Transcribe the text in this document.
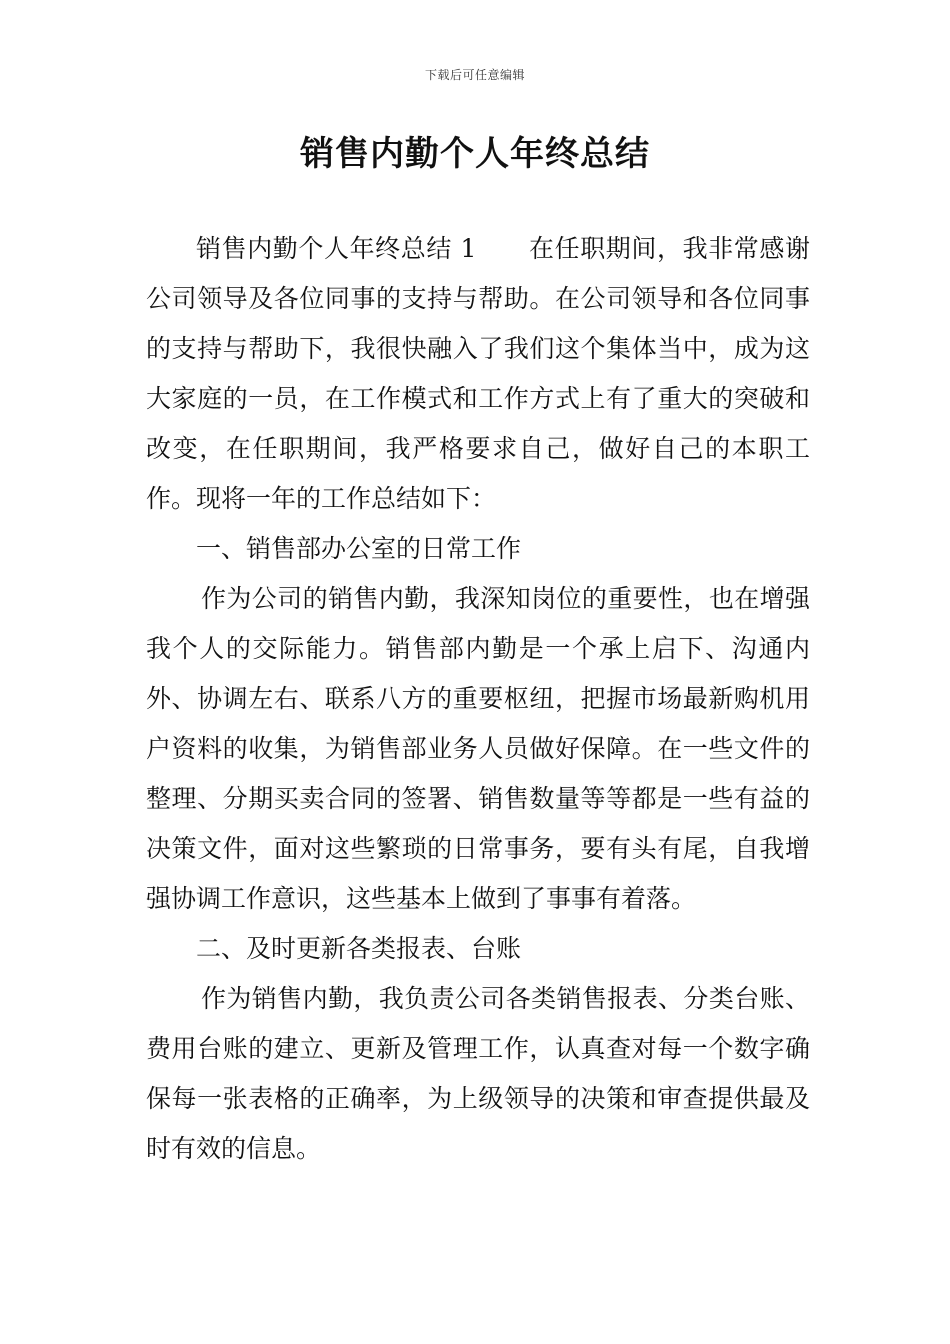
下载后可任意编辑
销售内勤个人年终总结

销售内勤个人年终总结 1 在任职期间，我非常感谢公司领导及各位同事的支持与帮助。在公司领导和各位同事的支持与帮助下，我很快融入了我们这个集体当中，成为这大家庭的一员，在工作模式和工作方式上有了重大的突破和改变，在任职期间，我严格要求自己，做好自己的本职工作。现将一年的工作总结如下：

一、销售部办公室的日常工作

作为公司的销售内勤，我深知岗位的重要性，也在增强我个人的交际能力。销售部内勤是一个承上启下、沟通内外、协调左右、联系八方的重要枢纽，把握市场最新购机用户资料的收集，为销售部业务人员做好保障。在一些文件的整理、分期买卖合同的签署、销售数量等等都是一些有益的决策文件，面对这些繁琐的日常事务，要有头有尾，自我增强协调工作意识，这些基本上做到了事事有着落。

二、及时更新各类报表、台账

作为销售内勤，我负责公司各类销售报表、分类台账、费用台账的建立、更新及管理工作，认真查对每一个数字确保每一张表格的正确率，为上级领导的决策和审查提供最及时有效的信息。
